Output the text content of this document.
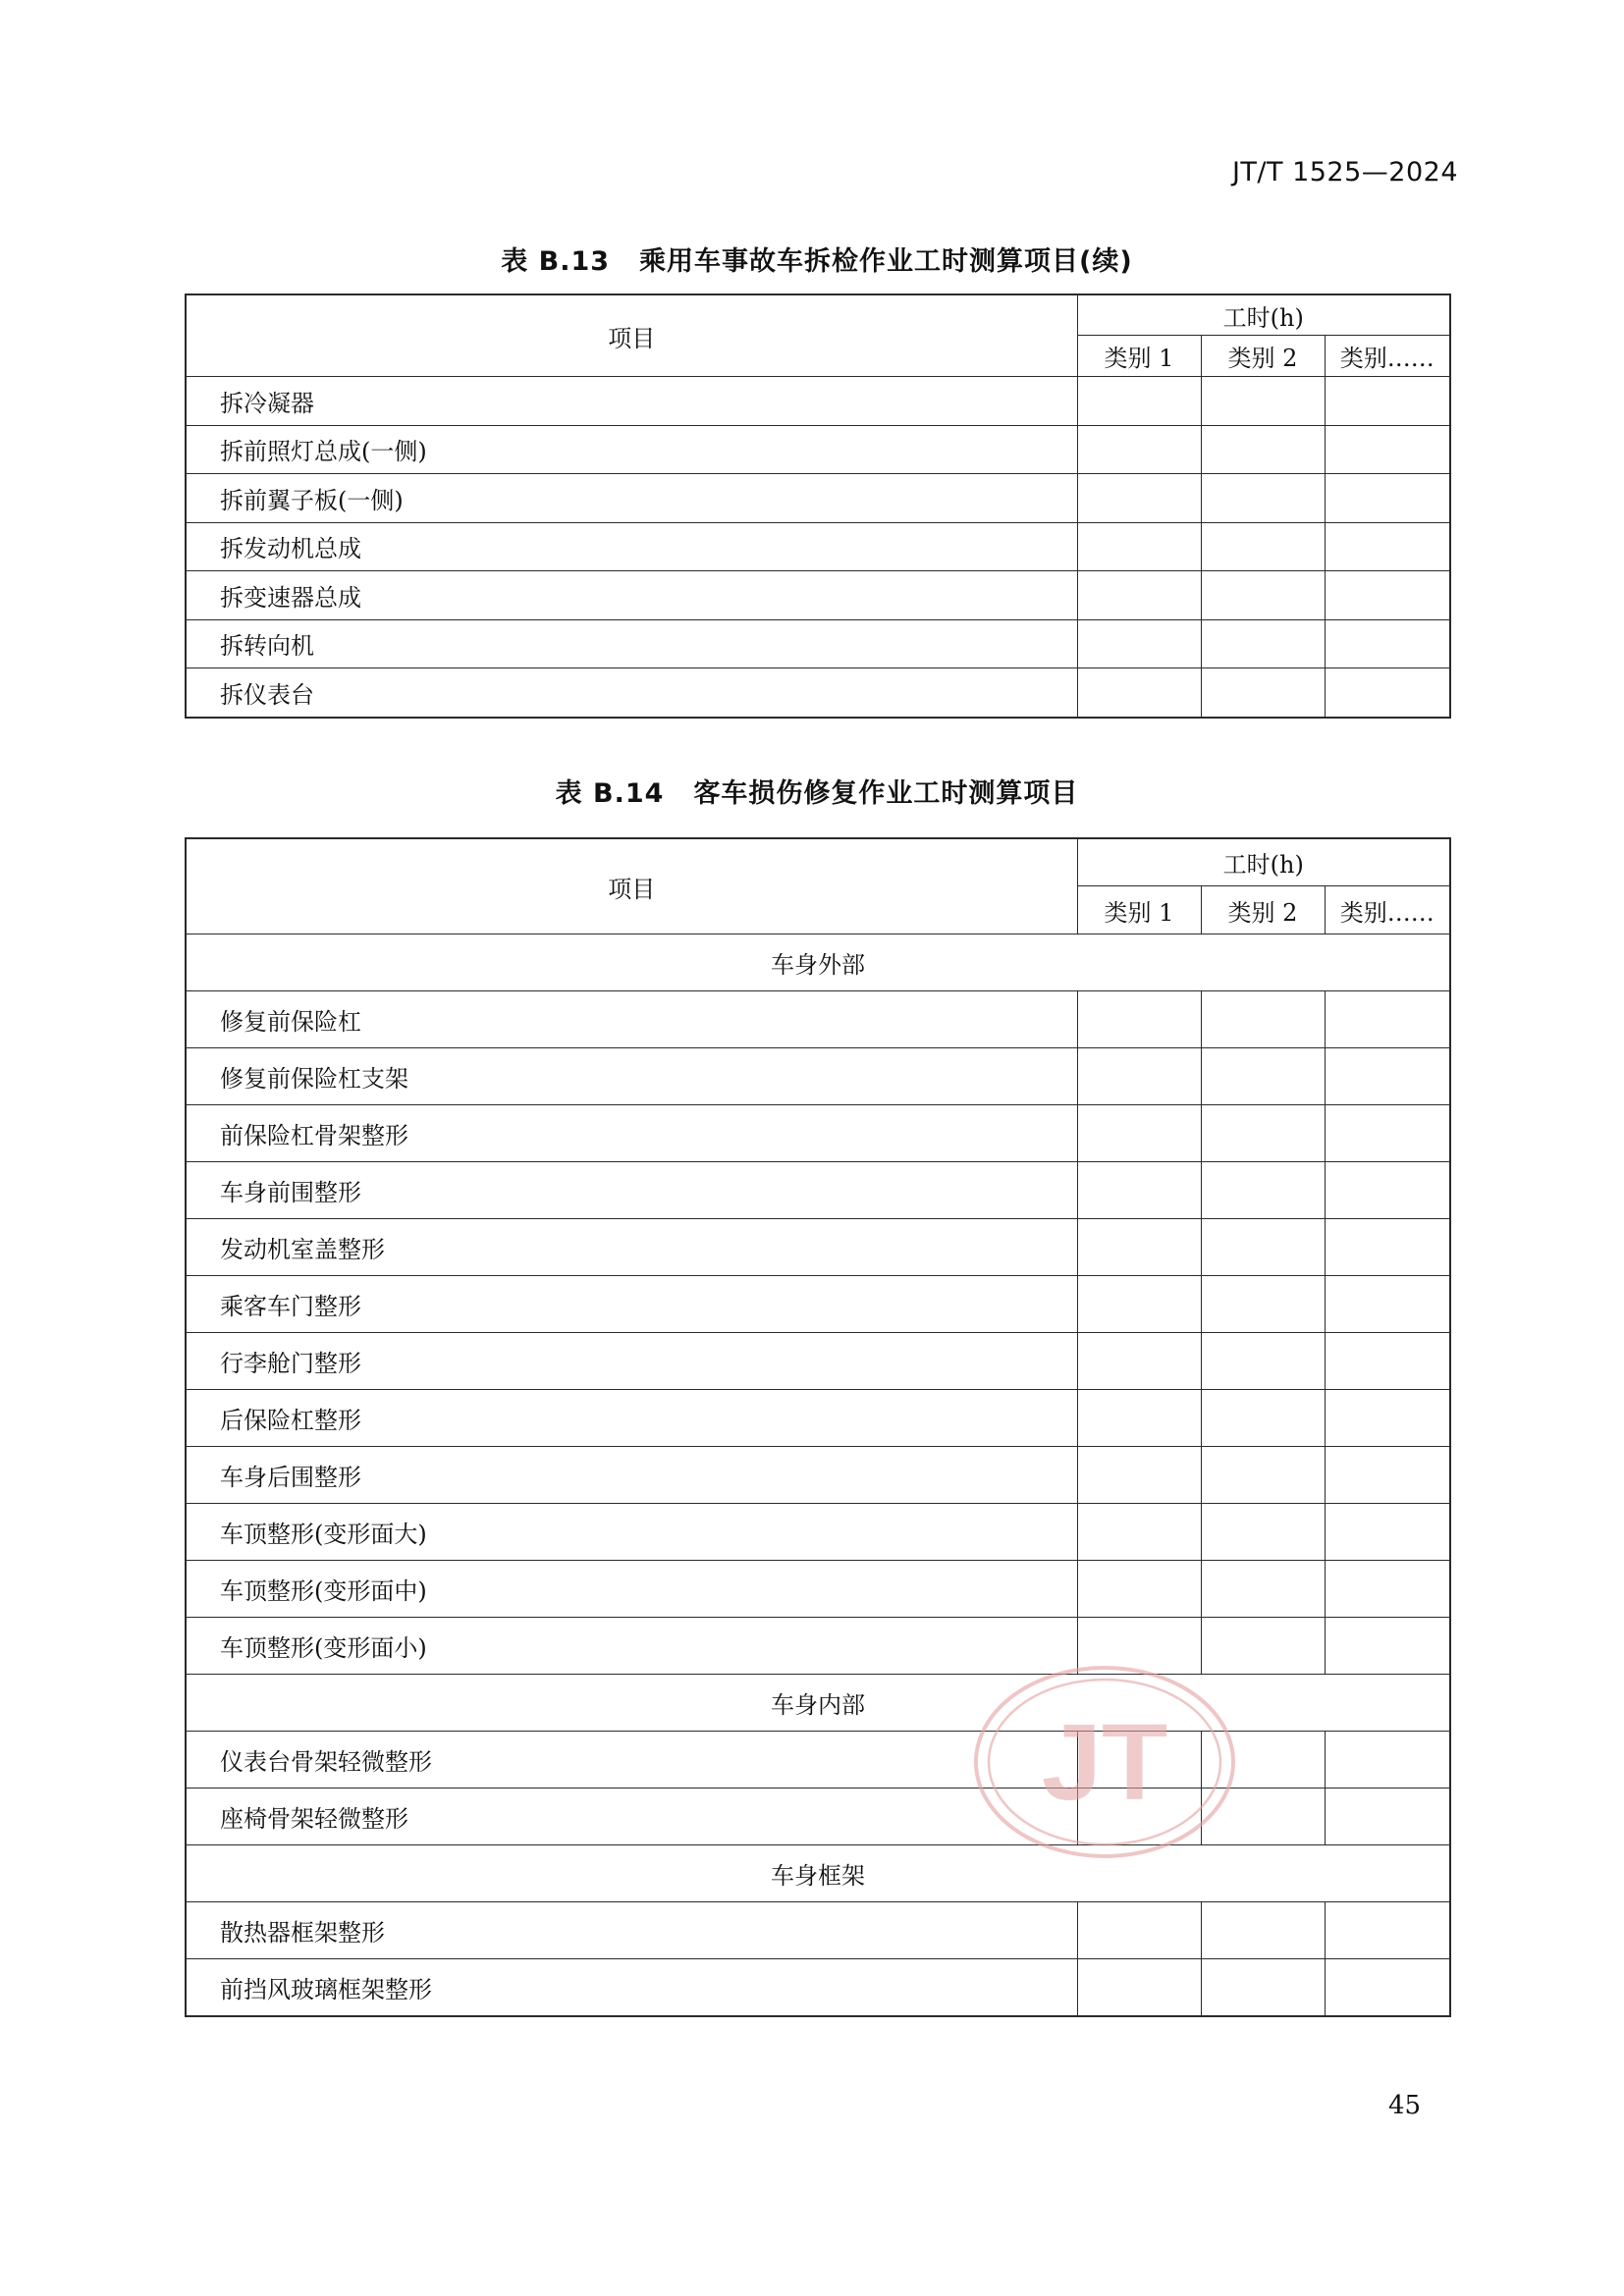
JT/T 1525—2024
表 B.13 乘用车事故车拆检作业工时测算项目(续)
项目	工时(h)		
	类别 1	类别 2	类别……
拆冷凝器			
拆前照灯总成(一侧)			
拆前翼子板(一侧)			
拆发动机总成			
拆变速器总成			
拆转向机			
拆仪表台			
表 B.14 客车损伤修复作业工时测算项目
项目	工时(h)		
	类别 1	类别 2	类别……
车身外部			
修复前保险杠			
修复前保险杠支架			
前保险杠骨架整形			
车身前围整形			
发动机室盖整形			
乘客车门整形			
行李舱门整形			
后保险杠整形			
车身后围整形			
车顶整形(变形面大)			
车顶整形(变形面中)			
车顶整形(变形面小)			
车身内部			
仪表台骨架轻微整形			
座椅骨架轻微整形			
车身框架			
散热器框架整形			
前挡风玻璃框架整形			
JT
45
